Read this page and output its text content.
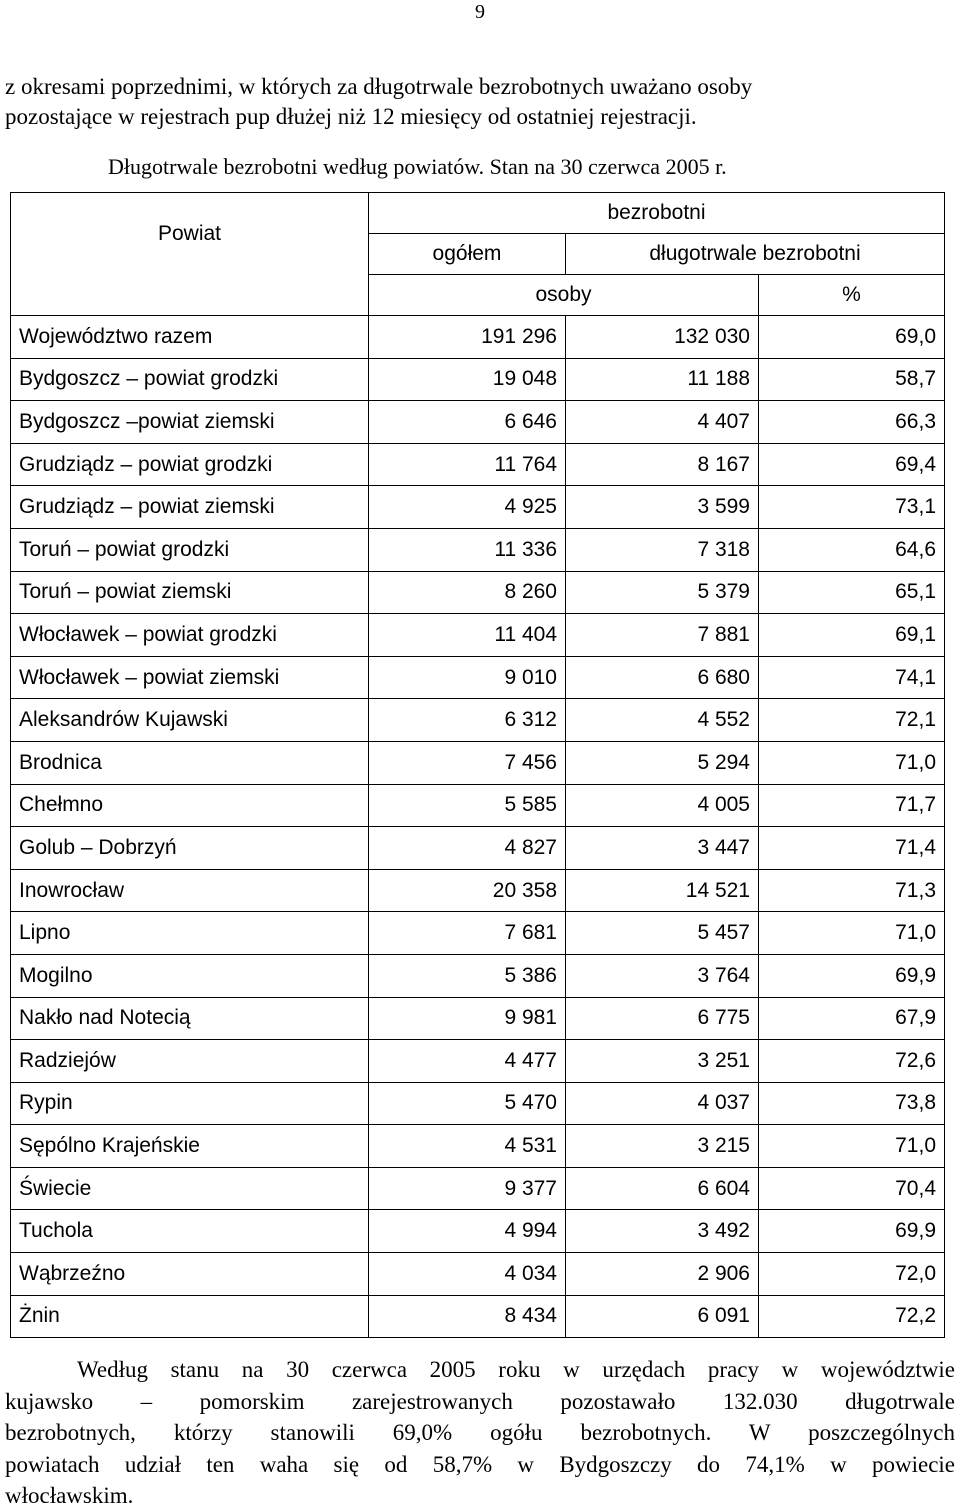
9

z okresami poprzednimi, w których za długotrwale bezrobotnych uważano osoby
pozostające w rejestrach pup dłużej niż 12 miesięcy od ostatniej rejestracji.

Długotrwale bezrobotni według powiatów. Stan na 30 czerwca 2005 r.
Powiat	bezrobotni		
	ogółem	długotrwale bezrobotni	
	osoby		%
Województwo razem	191 296	132 030	69,0
Bydgoszcz – powiat grodzki	19 048	11 188	58,7
Bydgoszcz –powiat ziemski	6 646	4 407	66,3
Grudziądz – powiat grodzki	11 764	8 167	69,4
Grudziądz – powiat ziemski	4 925	3 599	73,1
Toruń – powiat grodzki	11 336	7 318	64,6
Toruń – powiat ziemski	8 260	5 379	65,1
Włocławek – powiat grodzki	11 404	7 881	69,1
Włocławek – powiat ziemski	9 010	6 680	74,1
Aleksandrów Kujawski	6 312	4 552	72,1
Brodnica	7 456	5 294	71,0
Chełmno	5 585	4 005	71,7
Golub – Dobrzyń	4 827	3 447	71,4
Inowrocław	20 358	14 521	71,3
Lipno	7 681	5 457	71,0
Mogilno	5 386	3 764	69,9
Nakło nad Notecią	9 981	6 775	67,9
Radziejów	4 477	3 251	72,6
Rypin	5 470	4 037	73,8
Sępólno Krajeńskie	4 531	3 215	71,0
Świecie	9 377	6 604	70,4
Tuchola	4 994	3 492	69,9
Wąbrzeźno	4 034	2 906	72,0
Żnin	8 434	6 091	72,2

Według stanu na 30 czerwca 2005 roku w urzędach pracy w województwie
kujawsko – pomorskim zarejestrowanych pozostawało 132.030 długotrwale
bezrobotnych, którzy stanowili 69,0% ogółu bezrobotnych. W poszczególnych
powiatach udział ten waha się od 58,7% w Bydgoszczy do 74,1% w powiecie
włocławskim.
